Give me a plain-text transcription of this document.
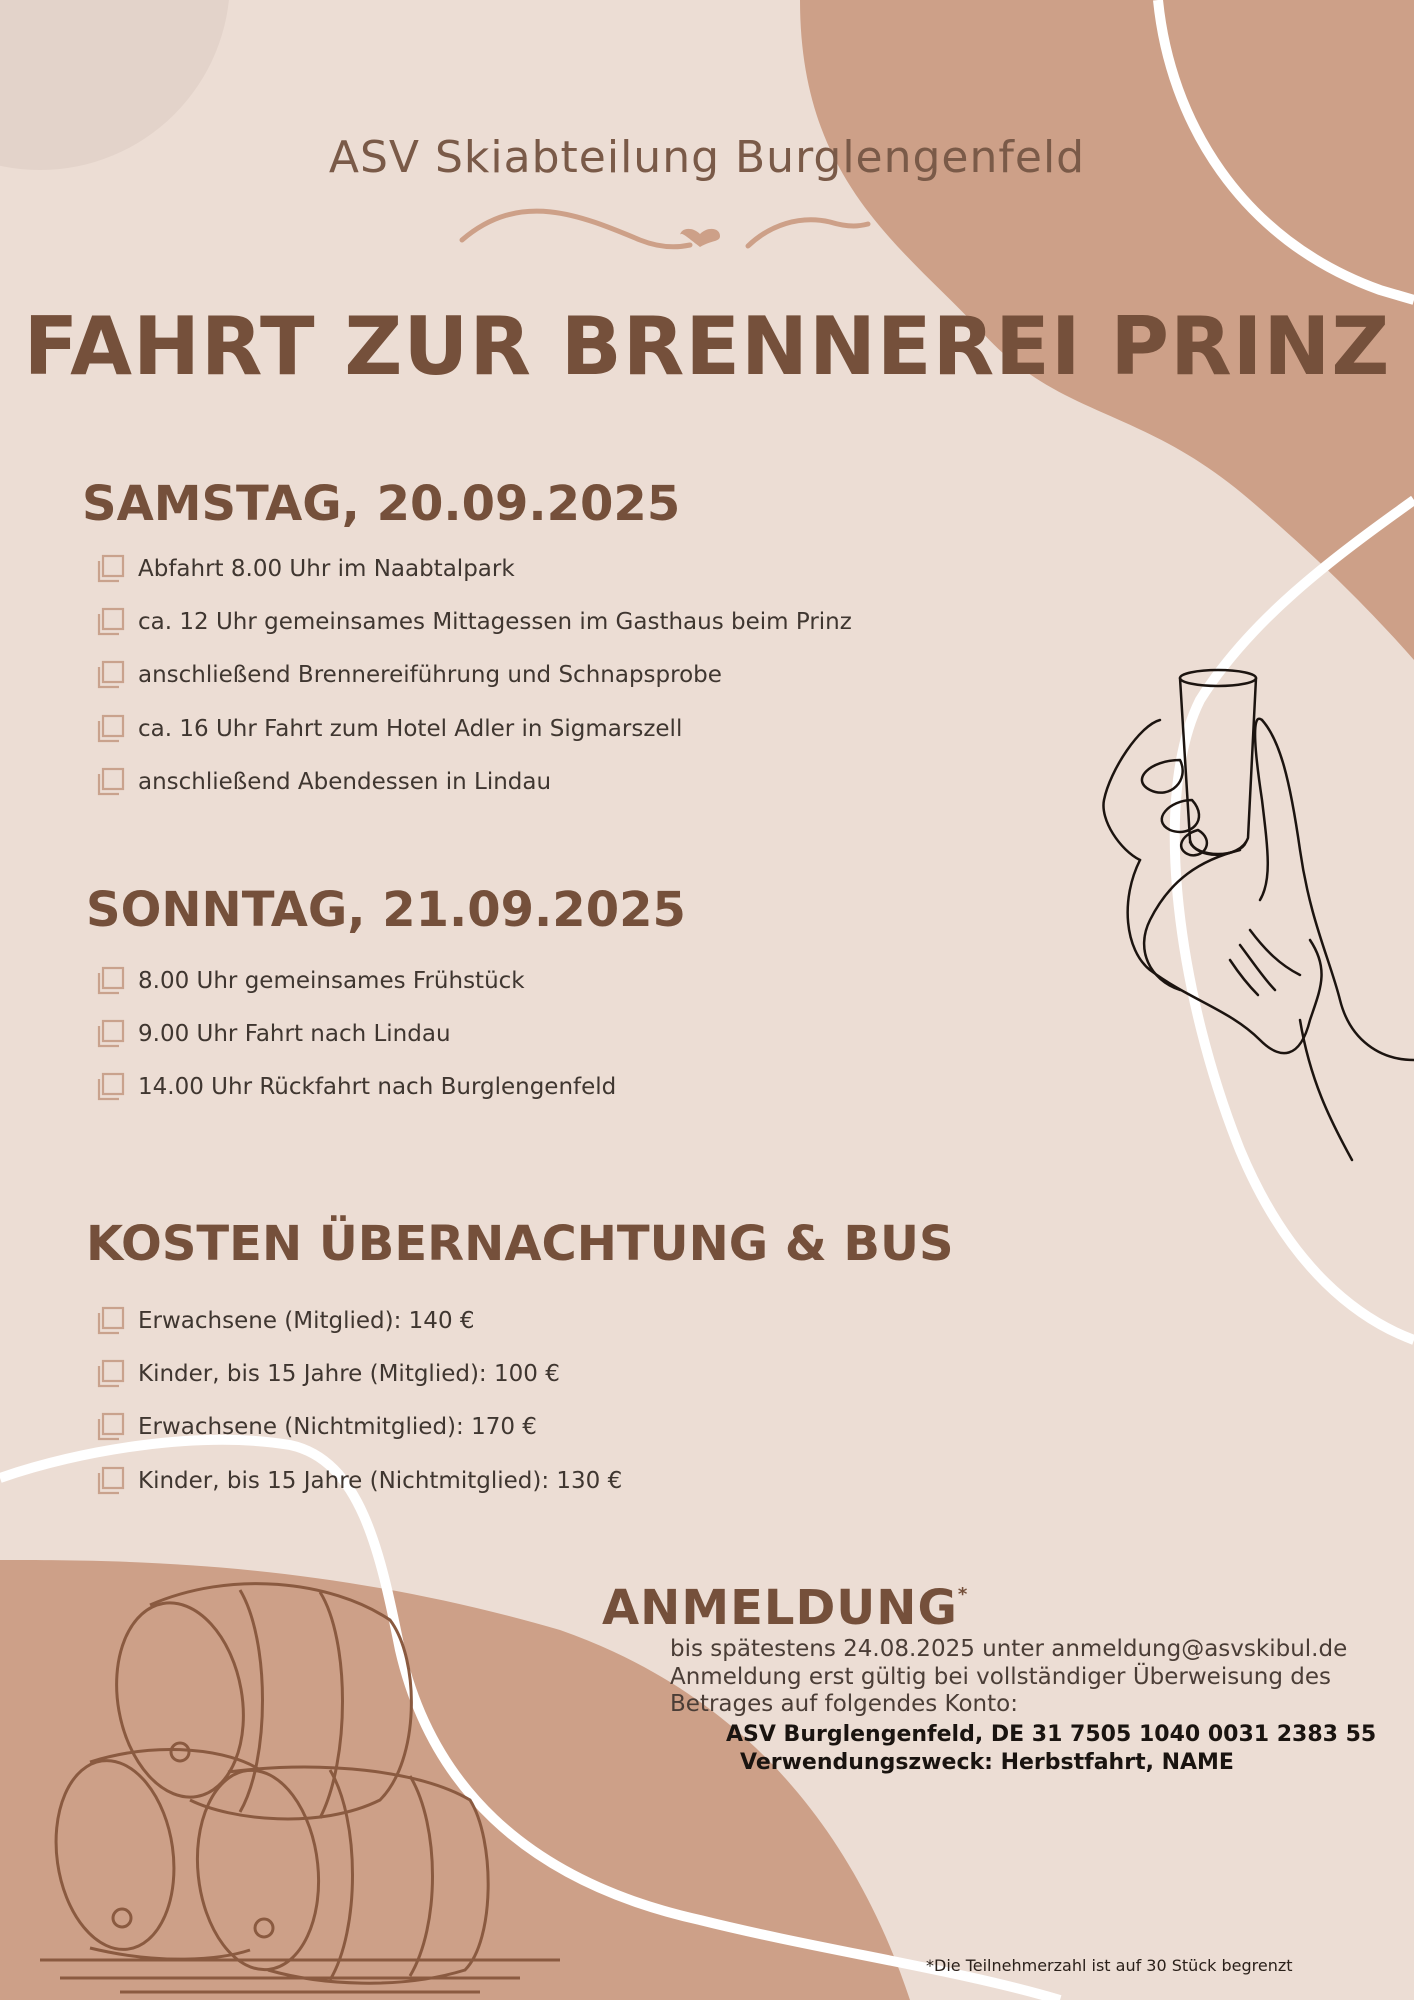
ASV Skiabteilung Burglengenfeld
FAHRT ZUR BRENNEREI PRINZ
SAMSTAG, 20.09.2025
Abfahrt 8.00 Uhr im Naabtalpark
ca. 12 Uhr gemeinsames Mittagessen im Gasthaus beim Prinz
anschließend Brennereiführung und Schnapsprobe
ca. 16 Uhr Fahrt zum Hotel Adler in Sigmarszell
anschließend Abendessen in Lindau
SONNTAG, 21.09.2025
8.00 Uhr gemeinsames Frühstück
9.00 Uhr Fahrt nach Lindau
14.00 Uhr Rückfahrt nach Burglengenfeld
KOSTEN ÜBERNACHTUNG & BUS
Erwachsene (Mitglied): 140 €
Kinder, bis 15 Jahre (Mitglied): 100 €
Erwachsene (Nichtmitglied): 170 €
Kinder, bis 15 Jahre (Nichtmitglied): 130 €
ANMELDUNG*
bis spätestens 24.08.2025 unter anmeldung@asvskibul.de
Anmeldung erst gültig bei vollständiger Überweisung des
Betrages auf folgendes Konto:
ASV Burglengenfeld, DE 31 7505 1040 0031 2383 55
Verwendungszweck: Herbstfahrt, NAME
*Die Teilnehmerzahl ist auf 30 Stück begrenzt
